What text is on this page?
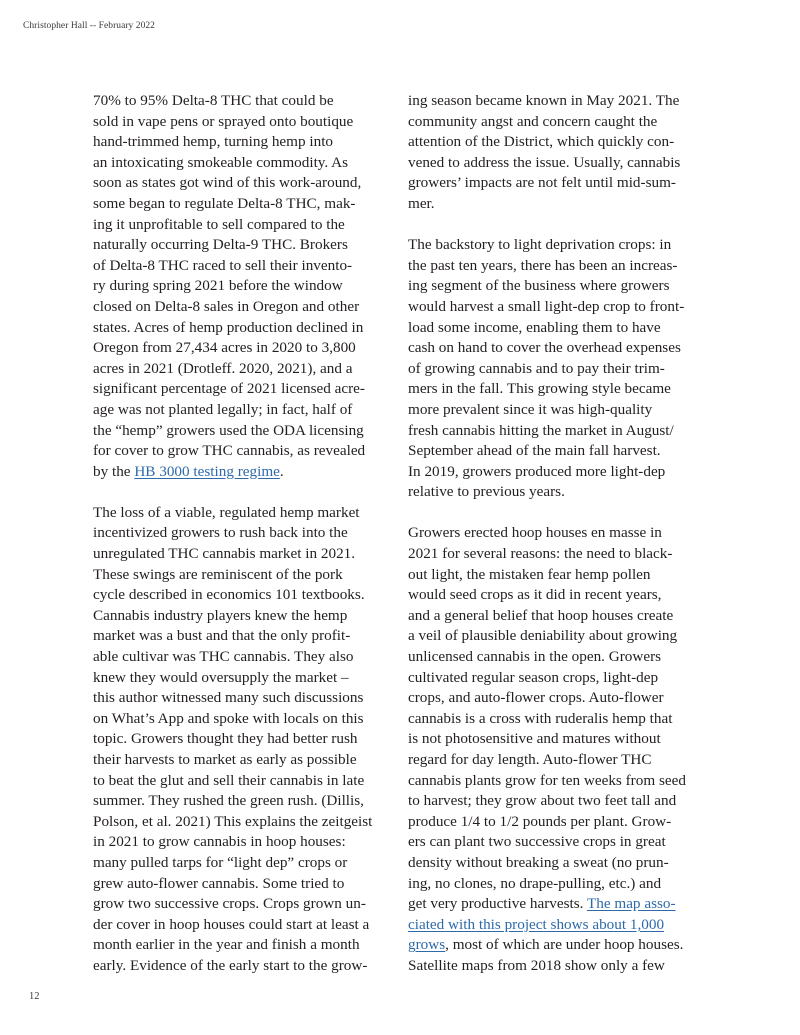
Christopher Hall -- February 2022
70% to 95% Delta-8 THC that could be
sold in vape pens or sprayed onto boutique
hand-trimmed hemp, turning hemp into
an intoxicating smokeable commodity. As
soon as states got wind of this work-around,
some began to regulate Delta-8 THC, mak-
ing it unprofitable to sell compared to the
naturally occurring Delta-9 THC. Brokers
of Delta-8 THC raced to sell their invento-
ry during spring 2021 before the window
closed on Delta-8 sales in Oregon and other
states. Acres of hemp production declined in
Oregon from 27,434 acres in 2020 to 3,800
acres in 2021 (Drotleff. 2020, 2021), and a
significant percentage of 2021 licensed acre-
age was not planted legally; in fact, half of
the “hemp” growers used the ODA licensing
for cover to grow THC cannabis, as revealed
by the HB 3000 testing regime.
The loss of a viable, regulated hemp market
incentivized growers to rush back into the
unregulated THC cannabis market in 2021.
These swings are reminiscent of the pork
cycle described in economics 101 textbooks.
Cannabis industry players knew the hemp
market was a bust and that the only profit-
able cultivar was THC cannabis. They also
knew they would oversupply the market –
this author witnessed many such discussions
on What’s App and spoke with locals on this
topic. Growers thought they had better rush
their harvests to market as early as possible
to beat the glut and sell their cannabis in late
summer. They rushed the green rush. (Dillis,
Polson, et al. 2021) This explains the zeitgeist
in 2021 to grow cannabis in hoop houses:
many pulled tarps for “light dep” crops or
grew auto-flower cannabis. Some tried to
grow two successive crops. Crops grown un-
der cover in hoop houses could start at least a
month earlier in the year and finish a month
early. Evidence of the early start to the grow-
ing season became known in May 2021. The
community angst and concern caught the
attention of the District, which quickly con-
vened to address the issue. Usually, cannabis
growers’ impacts are not felt until mid-sum-
mer.
The backstory to light deprivation crops: in
the past ten years, there has been an increas-
ing segment of the business where growers
would harvest a small light-dep crop to front-
load some income, enabling them to have
cash on hand to cover the overhead expenses
of growing cannabis and to pay their trim-
mers in the fall. This growing style became
more prevalent since it was high-quality
fresh cannabis hitting the market in August/
September ahead of the main fall harvest.
In 2019, growers produced more light-dep
relative to previous years.
Growers erected hoop houses en masse in
2021 for several reasons: the need to black-
out light, the mistaken fear hemp pollen
would seed crops as it did in recent years,
and a general belief that hoop houses create
a veil of plausible deniability about growing
unlicensed cannabis in the open. Growers
cultivated regular season crops, light-dep
crops, and auto-flower crops. Auto-flower
cannabis is a cross with ruderalis hemp that
is not photosensitive and matures without
regard for day length. Auto-flower THC
cannabis plants grow for ten weeks from seed
to harvest; they grow about two feet tall and
produce 1/4 to 1/2 pounds per plant. Grow-
ers can plant two successive crops in great
density without breaking a sweat (no prun-
ing, no clones, no drape-pulling, etc.) and
get very productive harvests. The map asso-
ciated with this project shows about 1,000
grows, most of which are under hoop houses.
Satellite maps from 2018 show only a few
12
